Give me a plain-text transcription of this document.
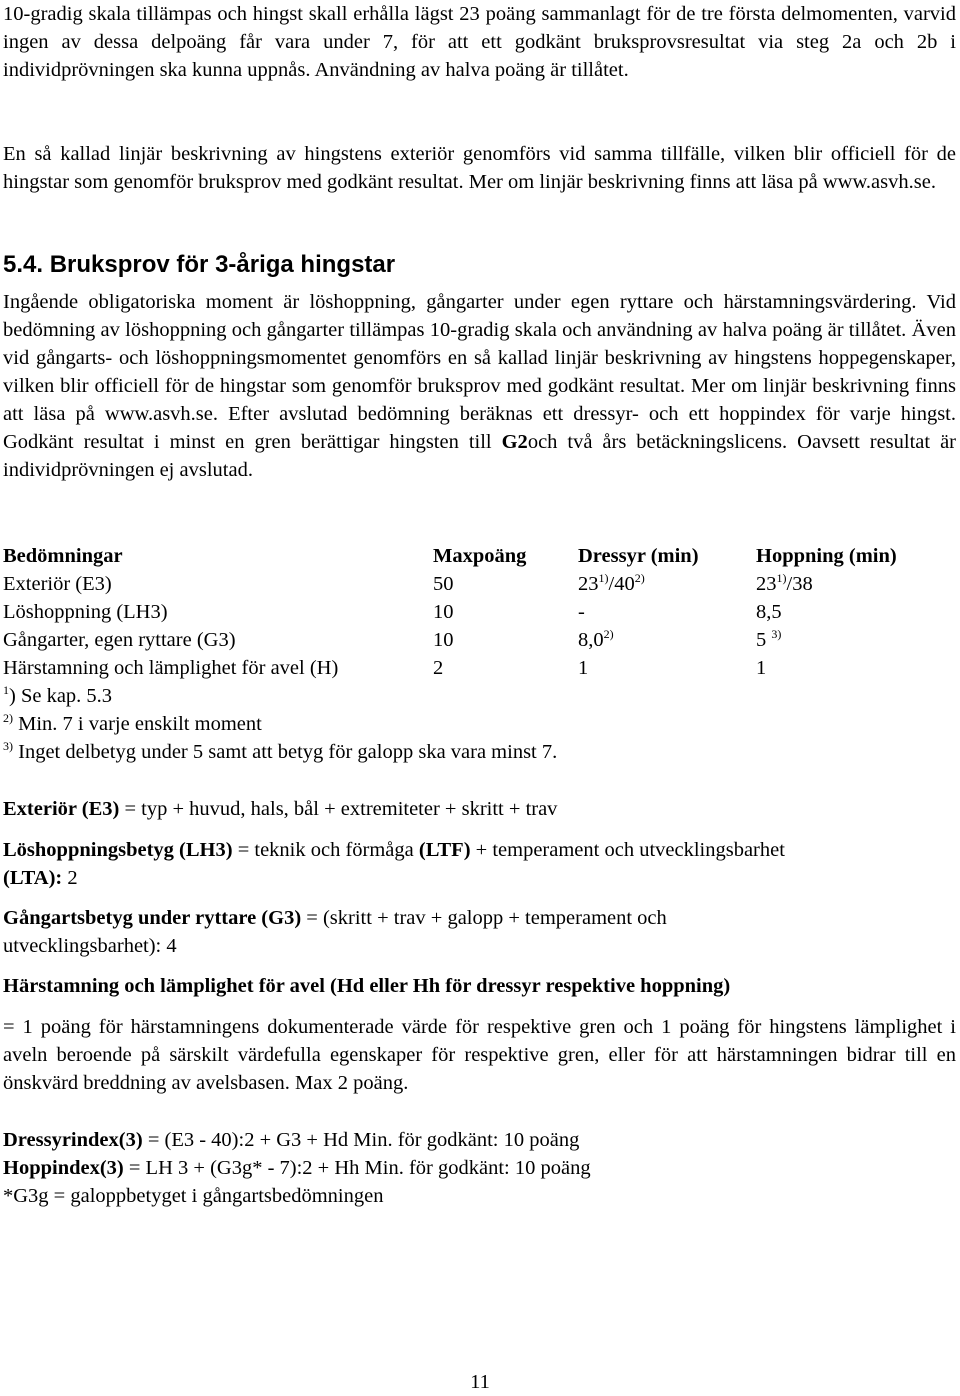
10-gradig skala tillämpas och hingst skall erhålla lägst 23 poäng sammanlagt för de tre första delmomenten, varvid ingen av dessa delpoäng får vara under 7, för att ett godkänt bruksprovsresultat via steg 2a och 2b i individprövningen ska kunna uppnås. Användning av halva poäng är tillåtet.

En så kallad linjär beskrivning av hingstens exteriör genomförs vid samma tillfälle, vilken blir officiell för de hingstar som genomför bruksprov med godkänt resultat. Mer om linjär beskrivning finns att läsa på www.asvh.se.

5.4. Bruksprov för 3-åriga hingstar

Ingående obligatoriska moment är löshoppning, gångarter under egen ryttare och härstamningsvärdering. Vid bedömning av löshoppning och gångarter tillämpas 10-gradig skala och användning av halva poäng är tillåtet. Även vid gångarts- och löshoppningsmomentet genomförs en så kallad linjär beskrivning av hingstens hoppegenskaper, vilken blir officiell för de hingstar som genomför bruksprov med godkänt resultat. Mer om linjär beskrivning finns att läsa på www.asvh.se. Efter avslutad bedömning beräknas ett dressyr- och ett hoppindex för varje hingst. Godkänt resultat i minst en gren berättigar hingsten till G2och två års betäckningslicens. Oavsett resultat är individprövningen ej avslutad.

Bedömningar	Maxpoäng	Dressyr (min)	Hoppning (min)
Exteriör (E3)	50	23$^{1)}$/40$^{2)}$	23$^{1)}$/38
Löshoppning (LH3)	10	-	8,5
Gångarter, egen ryttare (G3)	10	8,0$^{2)}$	5 $^{3)}$
Härstamning och lämplighet för avel (H)	2	1	1
$^1$) Se kap. 5.3
$^{2)}$ Min. 7 i varje enskilt moment
$^{3)}$ Inget delbetyg under 5 samt att betyg för galopp ska vara minst 7.
Exteriör (E3) = typ + huvud, hals, bål + extremiteter + skritt + trav
Löshoppningsbetyg (LH3) = teknik och förmåga (LTF) + temperament och utvecklingsbarhet
(LTA): 2
Gångartsbetyg under ryttare (G3) = (skritt + trav + galopp + temperament och
utvecklingsbarhet): 4
Härstamning och lämplighet för avel (Hd eller Hh för dressyr respektive hoppning)

= 1 poäng för härstamningens dokumenterade värde för respektive gren och 1 poäng för hingstens lämplighet i aveln beroende på särskilt värdefulla egenskaper för respektive gren, eller för att härstamningen bidrar till en önskvärd breddning av avelsbasen. Max 2 poäng.

Dressyrindex(3) = (E3 - 40):2 + G3 + Hd Min. för godkänt: 10 poäng
Hoppindex(3) = LH 3 + (G3g* - 7):2 + Hh Min. för godkänt: 10 poäng
*G3g = galoppbetyget i gångartsbedömningen
11
